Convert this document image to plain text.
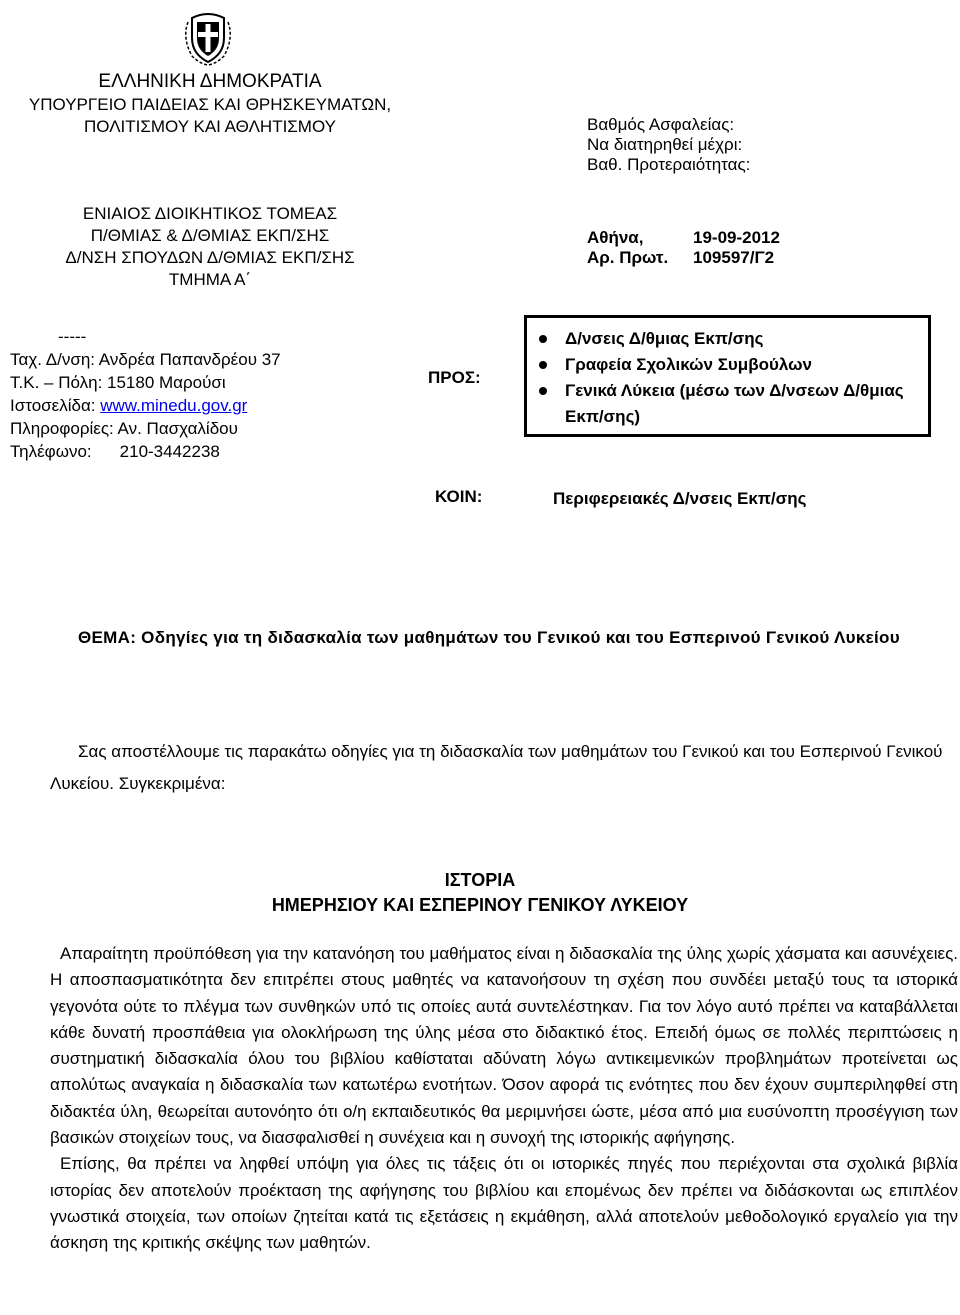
ΕΛΛΗΝΙΚΗ ΔΗΜΟΚΡΑΤΙΑ
ΥΠΟΥΡΓΕΙΟ ΠΑΙΔΕΙΑΣ ΚΑΙ ΘΡΗΣΚΕΥΜΑΤΩΝ,
ΠΟΛΙΤΙΣΜΟΥ ΚΑΙ ΑΘΛΗΤΙΣΜΟΥ
ΕΝΙΑΙΟΣ ΔΙΟΙΚΗΤΙΚΟΣ ΤΟΜΕΑΣ
Π/ΘΜΙΑΣ & Δ/ΘΜΙΑΣ ΕΚΠ/ΣΗΣ
Δ/ΝΣΗ ΣΠΟΥΔΩΝ Δ/ΘΜΙΑΣ ΕΚΠ/ΣΗΣ
ΤΜΗΜΑ Α΄
-----
Ταχ. Δ/νση: Ανδρέα Παπανδρέου 37
Τ.Κ. – Πόλη: 15180 Μαρούσι
Ιστοσελίδα: www.minedu.gov.gr
Πληροφορίες: Αν. Πασχαλίδου
Τηλέφωνο: 210-3442238
Βαθμός Ασφαλείας:
Να διατηρηθεί μέχρι:
Βαθ. Προτεραιότητας:
Αθήνα,	19-09-2012
Αρ. Πρωτ. 109597/Γ2
ΠΡΟΣ:
Δ/νσεις Δ/θμιας Εκπ/σης
Γραφεία Σχολικών Συμβούλων
Γενικά Λύκεια (μέσω των Δ/νσεων Δ/θμιας Εκπ/σης)
ΚΟΙΝ:	Περιφερειακές Δ/νσεις Εκπ/σης
ΘΕΜΑ: Οδηγίες για τη διδασκαλία των μαθημάτων του Γενικού και του Εσπερινού Γενικού Λυκείου
Σας αποστέλλουμε τις παρακάτω οδηγίες για τη διδασκαλία των μαθημάτων του Γενικού και του Εσπερινού Γενικού Λυκείου. Συγκεκριμένα:
ΙΣΤΟΡΙΑ
ΗΜΕΡΗΣΙΟΥ ΚΑΙ ΕΣΠΕΡΙΝΟΥ ΓΕΝΙΚΟΥ ΛΥΚΕΙΟΥ

Απαραίτητη προϋπόθεση για την κατανόηση του μαθήματος είναι η διδασκαλία της ύλης χωρίς χάσματα και ασυνέχειες. Η αποσπασματικότητα δεν επιτρέπει στους μαθητές να κατανοήσουν τη σχέση που συνδέει μεταξύ τους τα ιστορικά γεγονότα ούτε το πλέγμα των συνθηκών υπό τις οποίες αυτά συντελέστηκαν. Για τον λόγο αυτό πρέπει να καταβάλλεται κάθε δυνατή προσπάθεια για ολοκλήρωση της ύλης μέσα στο διδακτικό έτος. Επειδή όμως σε πολλές περιπτώσεις η συστηματική διδασκαλία όλου του βιβλίου καθίσταται αδύνατη λόγω αντικειμενικών προβλημάτων προτείνεται ως απολύτως αναγκαία η διδασκαλία των κατωτέρω ενοτήτων. Όσον αφορά τις ενότητες που δεν έχουν συμπεριληφθεί στη διδακτέα ύλη, θεωρείται αυτονόητο ότι ο/η εκπαιδευτικός θα μεριμνήσει ώστε, μέσα από μια ευσύνοπτη προσέγγιση των βασικών στοιχείων τους, να διασφαλισθεί η συνέχεια και η συνοχή της ιστορικής αφήγησης.

Επίσης, θα πρέπει να ληφθεί υπόψη για όλες τις τάξεις ότι οι ιστορικές πηγές που περιέχονται στα σχολικά βιβλία ιστορίας δεν αποτελούν προέκταση της αφήγησης του βιβλίου και επομένως δεν πρέπει να διδάσκονται ως επιπλέον γνωστικά στοιχεία, των οποίων ζητείται κατά τις εξετάσεις η εκμάθηση, αλλά αποτελούν μεθοδολογικό εργαλείο για την άσκηση της κριτικής σκέψης των μαθητών.
